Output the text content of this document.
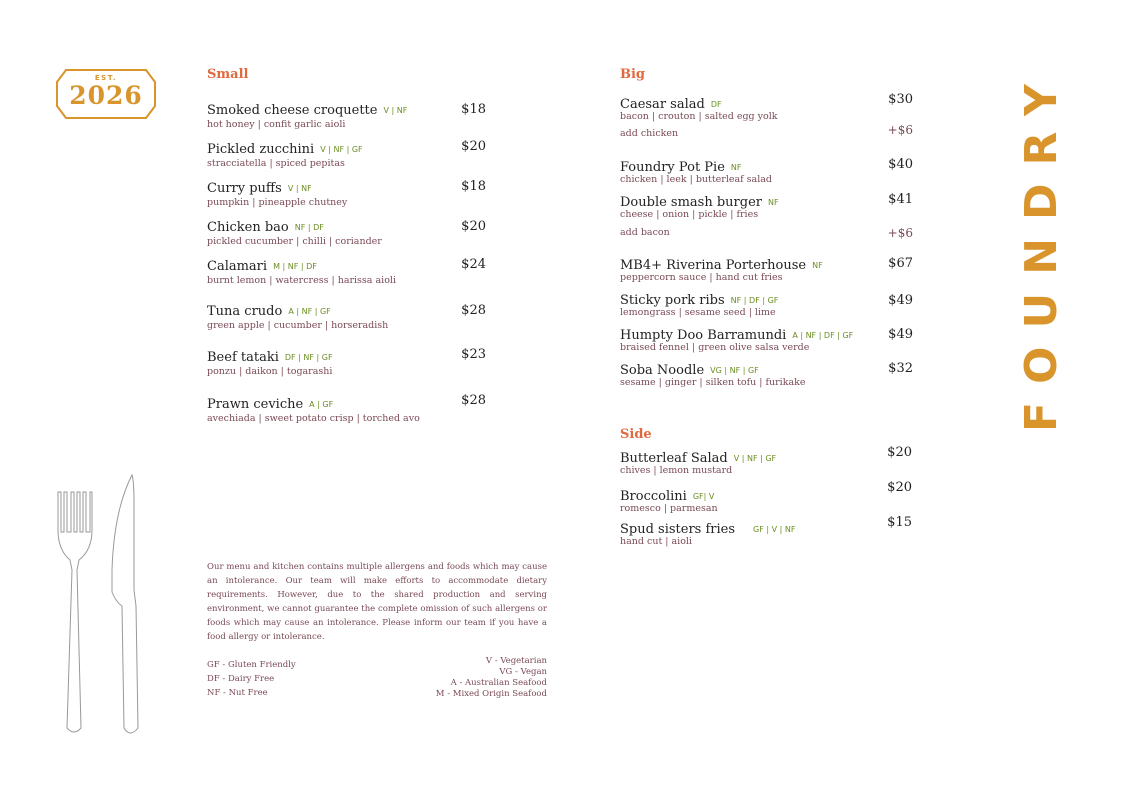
EST.
2026	FOUNDRY
Small
Smoked cheese croquette V | NF
hot honey | confit garlic aioli
$18
Pickled zucchini V | NF | GF
stracciatella | spiced pepitas
$20
Curry puffs V | NF
pumpkin | pineapple chutney
$18
Chicken bao NF | DF
pickled cucumber | chilli | coriander
$20
Calamari M | NF | DF
burnt lemon | watercress | harissa aioli
$24
Tuna crudo A | NF | GF
green apple | cucumber | horseradish
$28
Beef tataki DF | NF | GF
ponzu | daikon | togarashi
$23
Prawn ceviche A | GF
avechiada | sweet potato crisp | torched avo
$28
Our menu and kitchen contains multiple allergens and foods which may cause an intolerance. Our team will make efforts to accommodate dietary requirements. However, due to the shared production and serving environment, we cannot guarantee the complete omission of such allergens or foods which may cause an intolerance. Please inform our team if you have a food allergy or intolerance.
GF - Gluten Friendly
DF - Dairy Free
NF - Nut Free
V - Vegetarian
VG - Vegan
A - Australian Seafood
M - Mixed Origin Seafood
Big
Caesar salad DF
bacon | crouton | salted egg yolk
$30
add chicken	+$6
Foundry Pot Pie NF
chicken | leek | butterleaf salad
$40
Double smash burger NF
cheese | onion | pickle | fries
$41
add bacon	+$6
MB4+ Riverina Porterhouse NF
peppercorn sauce | hand cut fries
$67
Sticky pork ribs NF | DF | GF
lemongrass | sesame seed | lime
$49
Humpty Doo Barramundi A | NF | DF | GF
braised fennel | green olive salsa verde
$49
Soba Noodle VG | NF | GF
sesame | ginger | silken tofu | furikake
$32
Side
Butterleaf Salad V | NF | GF
chives | lemon mustard
$20
Broccolini GF| V
romesco | parmesan
$20
Spud sisters fries GF | V | NF
hand cut | aioli
$15
